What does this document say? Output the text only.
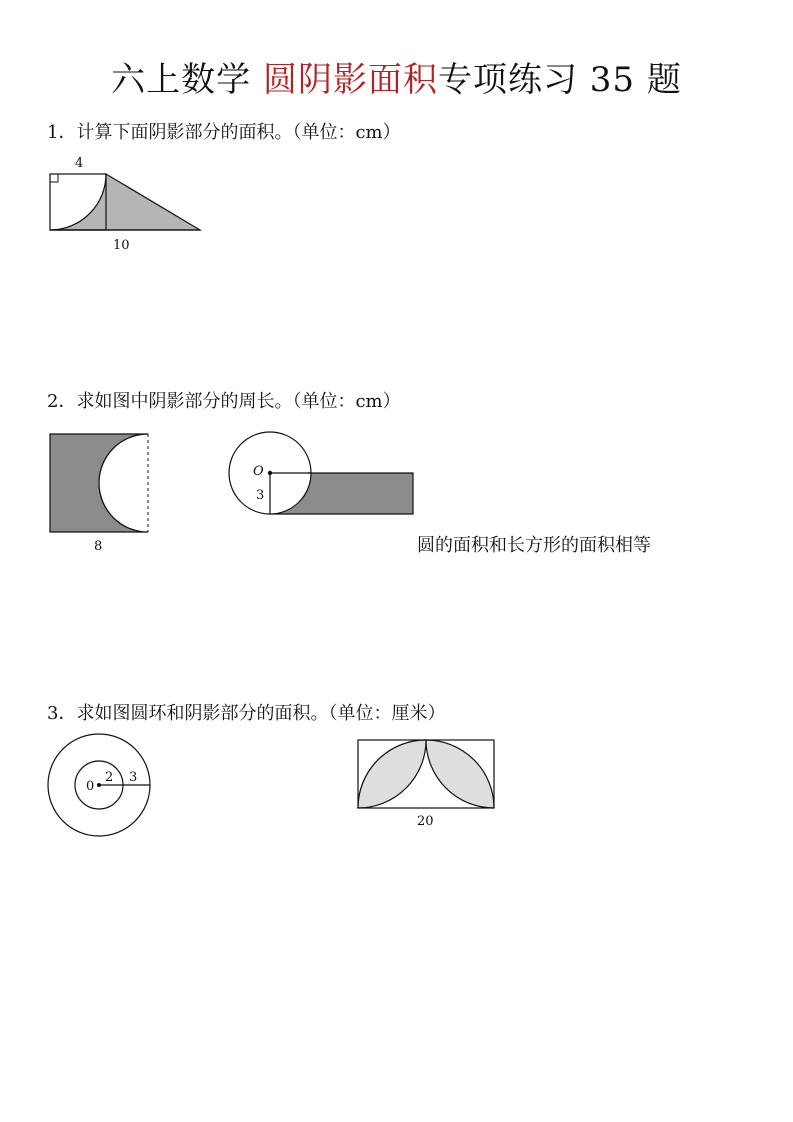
六上数学 圆阴影面积专项练习 35 题
1．计算下面阴影部分的面积。（单位：cm）
4
10
2．求如图中阴影部分的周长。（单位：cm）
8
O
3
圆的面积和长方形的面积相等
3．求如图圆环和阴影部分的面积。（单位：厘米）
0
2 3
20
